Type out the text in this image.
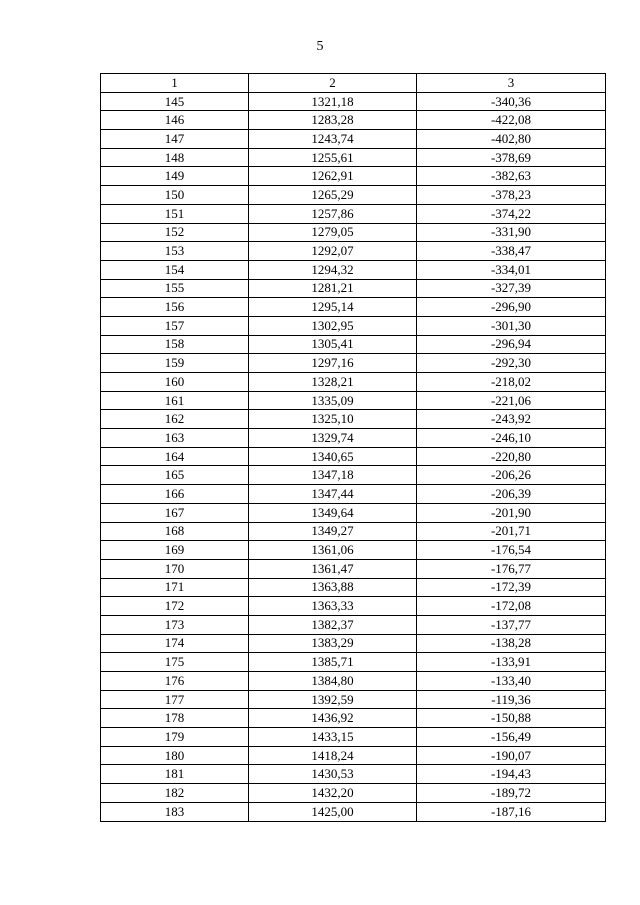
5
1	2	3
145	1321,18	-340,36
146	1283,28	-422,08
147	1243,74	-402,80
148	1255,61	-378,69
149	1262,91	-382,63
150	1265,29	-378,23
151	1257,86	-374,22
152	1279,05	-331,90
153	1292,07	-338,47
154	1294,32	-334,01
155	1281,21	-327,39
156	1295,14	-296,90
157	1302,95	-301,30
158	1305,41	-296,94
159	1297,16	-292,30
160	1328,21	-218,02
161	1335,09	-221,06
162	1325,10	-243,92
163	1329,74	-246,10
164	1340,65	-220,80
165	1347,18	-206,26
166	1347,44	-206,39
167	1349,64	-201,90
168	1349,27	-201,71
169	1361,06	-176,54
170	1361,47	-176,77
171	1363,88	-172,39
172	1363,33	-172,08
173	1382,37	-137,77
174	1383,29	-138,28
175	1385,71	-133,91
176	1384,80	-133,40
177	1392,59	-119,36
178	1436,92	-150,88
179	1433,15	-156,49
180	1418,24	-190,07
181	1430,53	-194,43
182	1432,20	-189,72
183	1425,00	-187,16
